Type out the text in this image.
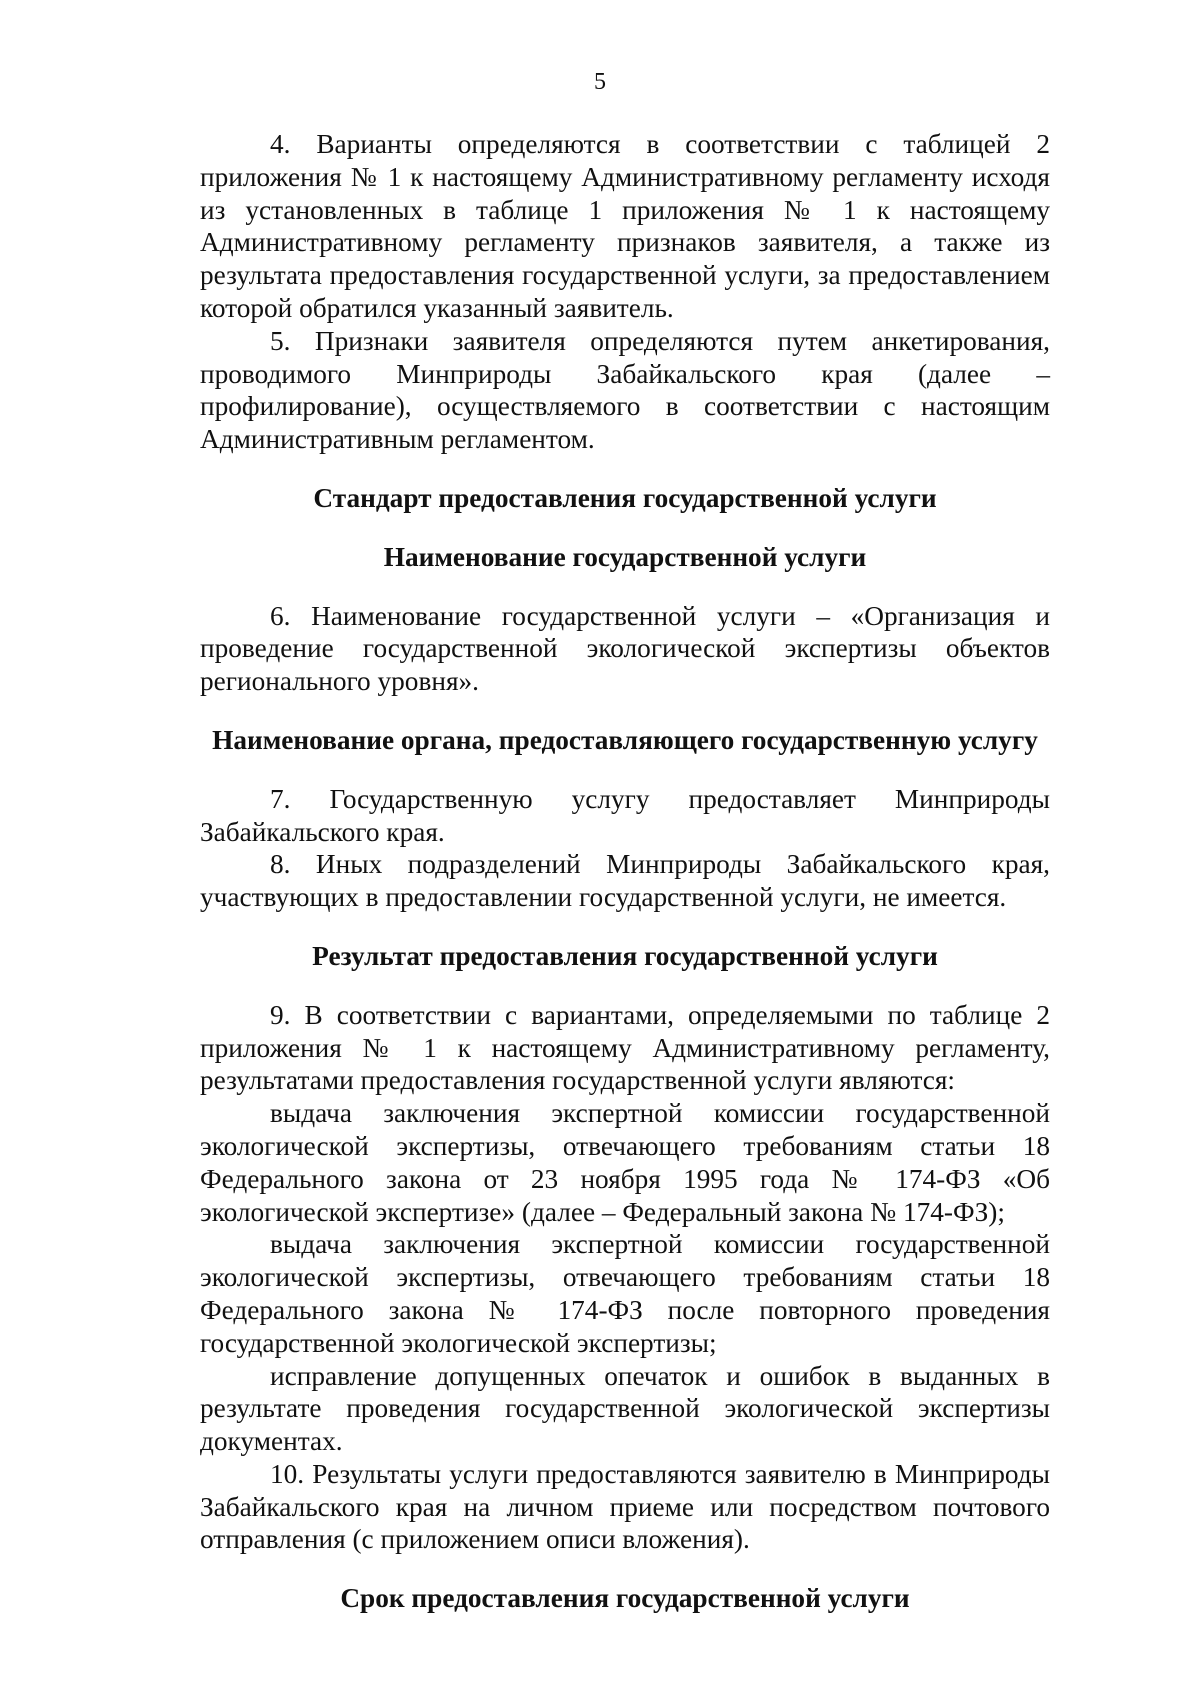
5

4. Варианты определяются в соответствии с таблицей 2 приложения № 1 к настоящему Административному регламенту исходя из установленных в таблице 1 приложения № 1 к настоящему Административному регламенту признаков заявителя, а также из результата предоставления государственной услуги, за предоставлением которой обратился указанный заявитель.

5. Признаки заявителя определяются путем анкетирования, проводимого Минприроды Забайкальского края (далее – профилирование), осуществляемого в соответствии с настоящим Административным регламентом.

Стандарт предоставления государственной услуги
Наименование государственной услуги

6. Наименование государственной услуги – «Организация и проведение государственной экологической экспертизы объектов регионального уровня».

Наименование органа, предоставляющего государственную услугу

7. Государственную услугу предоставляет Минприроды Забайкальского края.

8. Иных подразделений Минприроды Забайкальского края, участвующих в предоставлении государственной услуги, не имеется.

Результат предоставления государственной услуги

9. В соответствии с вариантами, определяемыми по таблице 2 приложения № 1 к настоящему Административному регламенту, результатами предоставления государственной услуги являются:

выдача заключения экспертной комиссии государственной экологической экспертизы, отвечающего требованиям статьи 18 Федерального закона от 23 ноября 1995 года № 174-ФЗ «Об экологической экспертизе» (далее – Федеральный закона № 174-ФЗ);

выдача заключения экспертной комиссии государственной экологической экспертизы, отвечающего требованиям статьи 18 Федерального закона № 174-ФЗ после повторного проведения государственной экологической экспертизы;

исправление допущенных опечаток и ошибок в выданных в результате проведения государственной экологической экспертизы документах.

10. Результаты услуги предоставляются заявителю в Минприроды Забайкальского края на личном приеме или посредством почтового отправления (с приложением описи вложения).

Срок предоставления государственной услуги
